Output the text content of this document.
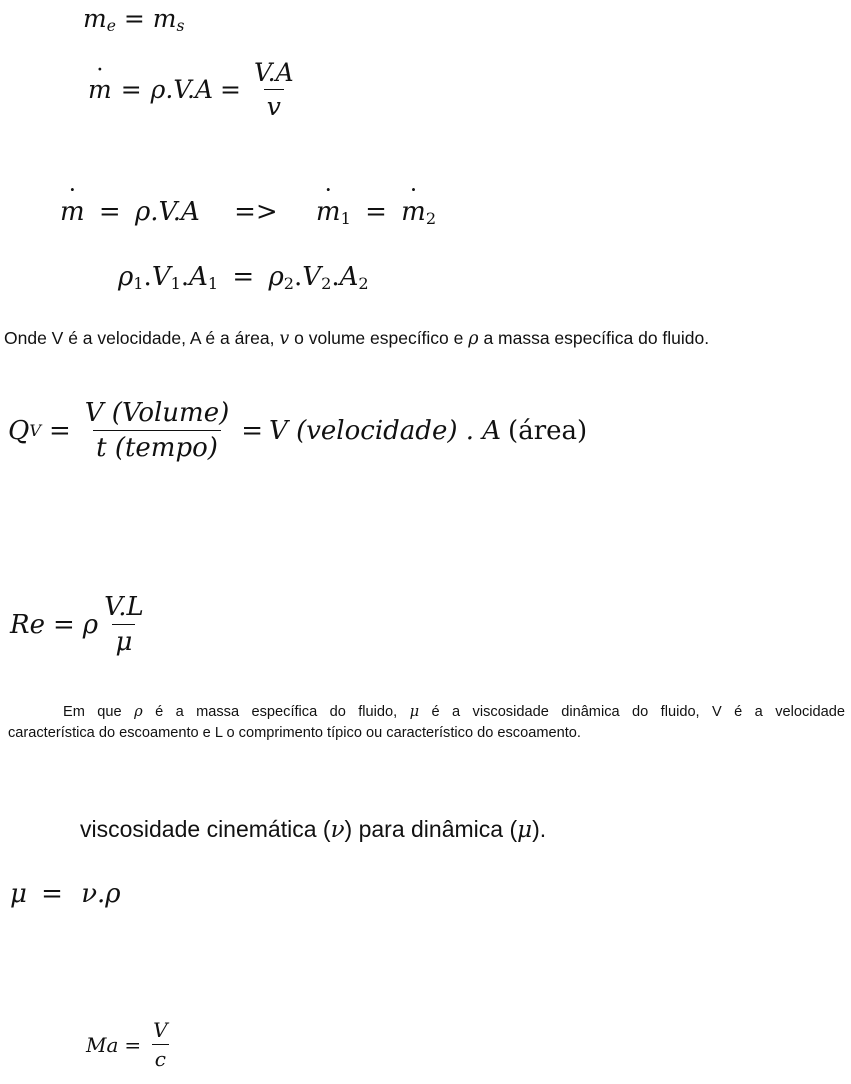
˙ $m_e$ = ˙ $m_s$
˙ $m = \rho.V.A = \frac{V.A}{v}$
˙ m = ρ.V.A => ˙ $m_1$ = ˙ $m_2$
$\rho_1.V_1.A_1 = \rho_2.V_2.A_2$
Onde V é a velocidade, A é a área, v o volume específico e ρ a massa específica do fluido.
Q $V = \frac{\text{V (Volume)}}{\text{t (tempo)}} = V$ (velocidade) . A (área)
Re = ρ $\frac{V.L}{\mu}$
Em que ρ é a massa específica do fluido, μ é a viscosidade dinâmica do fluido, V é a velocidade
característica do escoamento e L o comprimento típico ou característico do escoamento.
viscosidade cinemática (ν) para dinâmica (μ).
μ = ν.ρ
$Ma = \frac{V}{c}$
